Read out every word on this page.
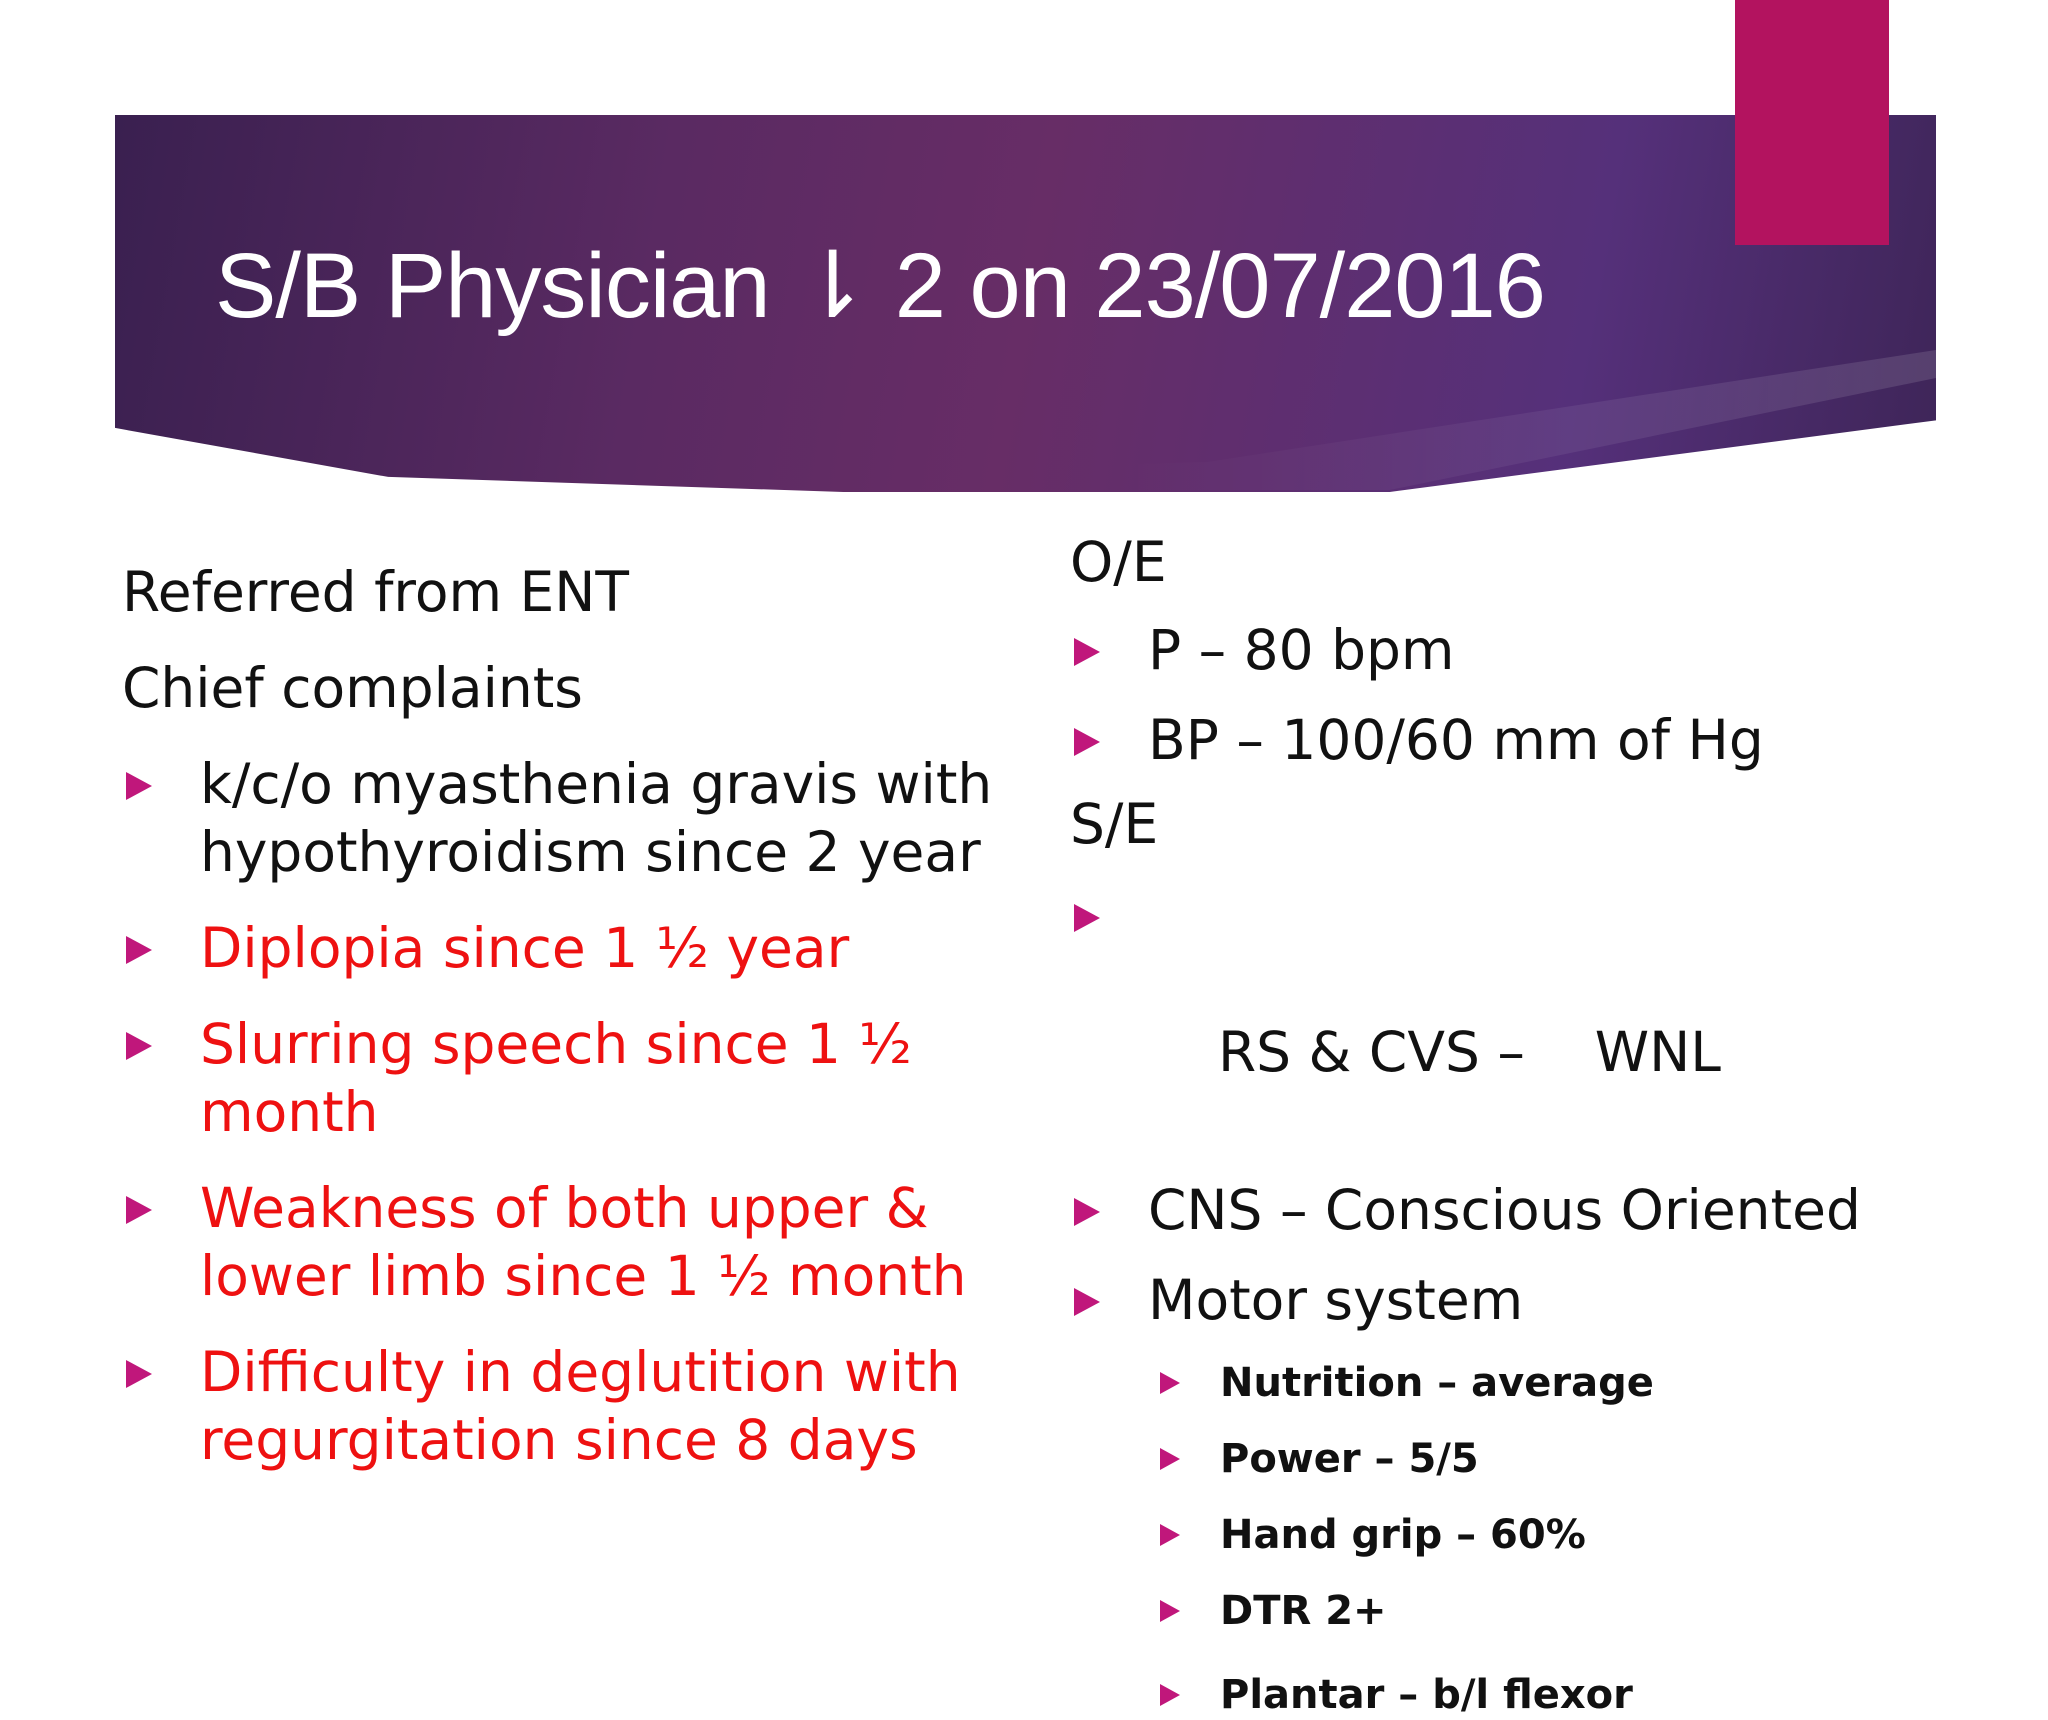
S/B Physician ⇂ 2 on 23/07/2016

Referred from ENT

Chief complaints

k/c/o myasthenia gravis with
hypothyroidism since 2 year
Diplopia since 1 ½ year
Slurring speech since 1 ½
month
Weakness of both upper &
lower limb since 1 ½ month
Difficulty in deglutition with
regurgitation since 8 days

O/E

P – 80 bpm
BP – 100/60 mm of Hg

S/E

RS & CVS –    WNL

CNS – Conscious Oriented
Motor system
Nutrition – average
Power – 5/5
Hand grip – 60%
DTR 2+
Plantar – b/l flexor
